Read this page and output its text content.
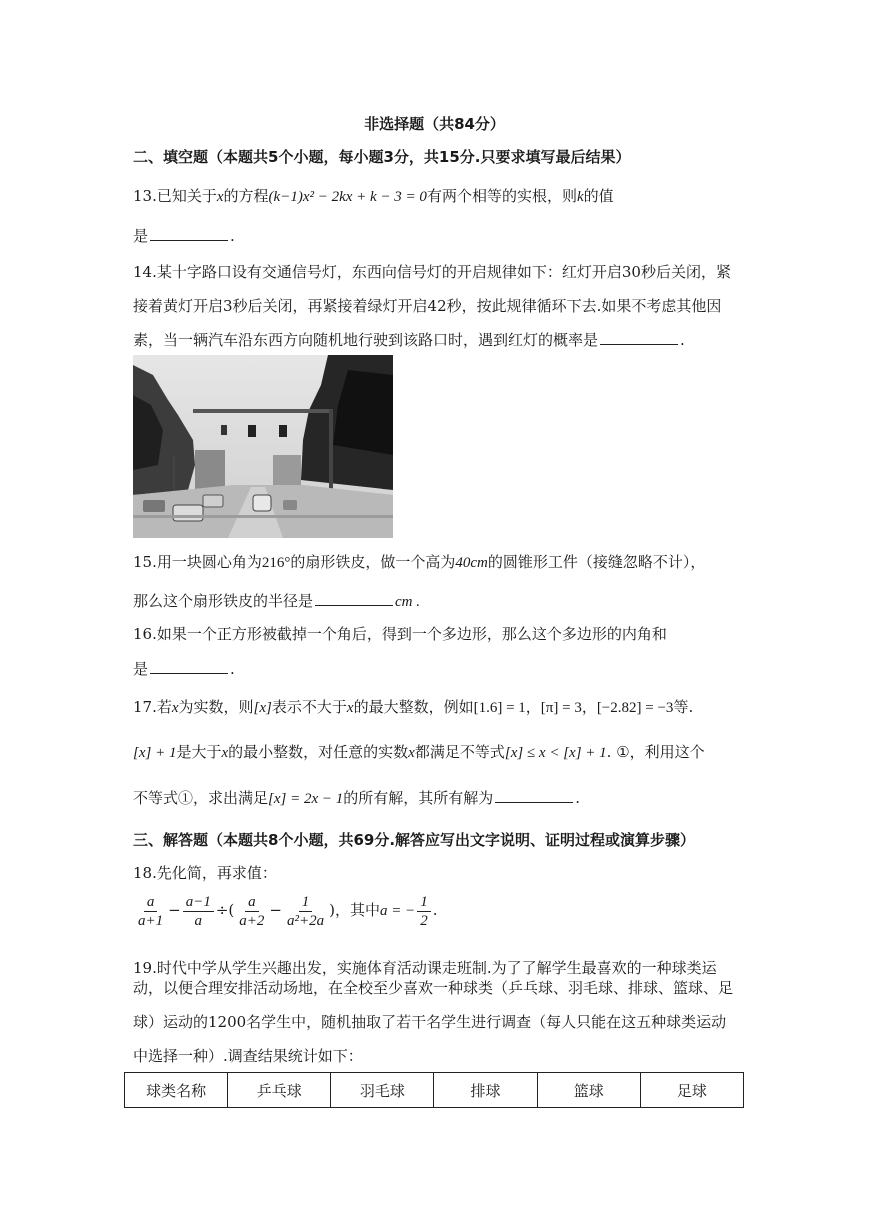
非选择题（共84分）
二、填空题（本题共5个小题，每小题3分，共15分.只要求填写最后结果）
13.已知关于x的方程(k−1)x² − 2kx + k − 3 = 0有两个相等的实根，则k的值
是	.
14.某十字路口设有交通信号灯，东西向信号灯的开启规律如下：红灯开启30秒后关闭，紧
接着黄灯开启3秒后关闭，再紧接着绿灯开启42秒，按此规律循环下去.如果不考虑其他因
素，当一辆汽车沿东西方向随机地行驶到该路口时，遇到红灯的概率是	.
15.用一块圆心角为216°的扇形铁皮，做一个高为40cm的圆锥形工件（接缝忽略不计），
那么这个扇形铁皮的半径是	cm .
16.如果一个正方形被截掉一个角后，得到一个多边形，那么这个多边形的内角和
是	.
17.若x为实数，则[x]表示不大于x的最大整数，例如[1.6] = 1，[π] = 3，[−2.82] = −3等.
[x] + 1是大于x的最小整数，对任意的实数x都满足不等式[x] ≤ x < [x] + 1. ①，利用这个
不等式①，求出满足[x] = 2x − 1的所有解，其所有解为	.
三、解答题（本题共8个小题，共69分.解答应写出文字说明、证明过程或演算步骤）
18.先化简，再求值：
$\frac{a}{a+1} - \frac{a-1}{a}$ ÷( $\frac{a}{a+2} - \frac{1}{\text{a²+2a}}$ )，其中a = − $\frac{1}{2}$ .
19.时代中学从学生兴趣出发，实施体育活动课走班制.为了了解学生最喜欢的一种球类运
动，以便合理安排活动场地，在全校至少喜欢一种球类（乒乓球、羽毛球、排球、篮球、足
球）运动的1200名学生中，随机抽取了若干名学生进行调查（每人只能在这五种球类运动
中选择一种）.调查结果统计如下：
球类名称	乒乓球	羽毛球	排球	篮球	足球
